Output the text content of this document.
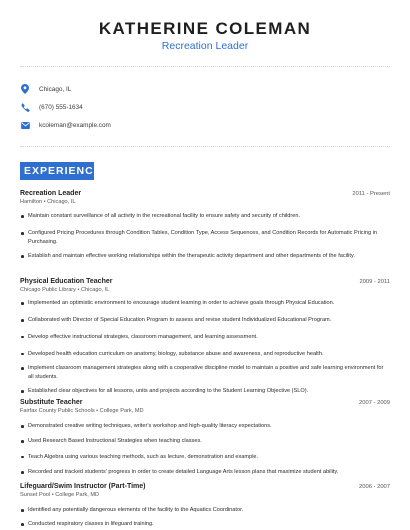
KATHERINE COLEMAN
Recreation Leader
Chicago, IL
(670) 555-1634
kcoleman@example.com
EXPERIENCE
Recreation Leader	2011 - Present
Hamilton • Chicago, IL
Maintain constant surveillance of all activity in the recreational facility to ensure safety and security of children.
Configured Pricing Procedures through Condition Tables, Condition Type, Access Sequences, and Condition Records for Automatic Pricing in Purchasing.
Establish and maintain effective working relationships within the therapeutic activity department and other departments of the facility.
Physical Education Teacher	2009 - 2011
Chicago Public Library • Chicago, IL
Implemented an optimistic environment to encourage student learning in order to achieve goals through Physical Education.
Collaborated with Director of Special Education Program to assess and revise student Individualized Educational Program.
Develop effective instructional strategies, classroom management, and learning assessment.
Developed health education curriculum on anatomy, biology, substance abuse and awareness, and reproductive health.
Implement classroom management strategies along with a cooperative discipline model to maintain a positive and safe learning environment for all students.
Established clear objectives for all lessons, units and projects according to the Student Learning Objective (SLO).
Substitute Teacher	2007 - 2009
Fairfax County Public Schools • College Park, MD
Demonstrated creative writing techniques, writer's workshop and high-quality literacy expectations.
Used Research Based Instructional Strategies when teaching classes.
Teach Algebra using various teaching methods, such as lecture, demonstration and example.
Recorded and tracked students' progress in order to create detailed Language Arts lesson plans that maximize student ability.
Lifeguard/Swim Instructor (Part-Time)	2006 - 2007
Sunset Pool • College Park, MD
Identified any potentially dangerous elements of the facility to the Aquatics Coordinator.
Conducted respiratory classes in lifeguard training.
